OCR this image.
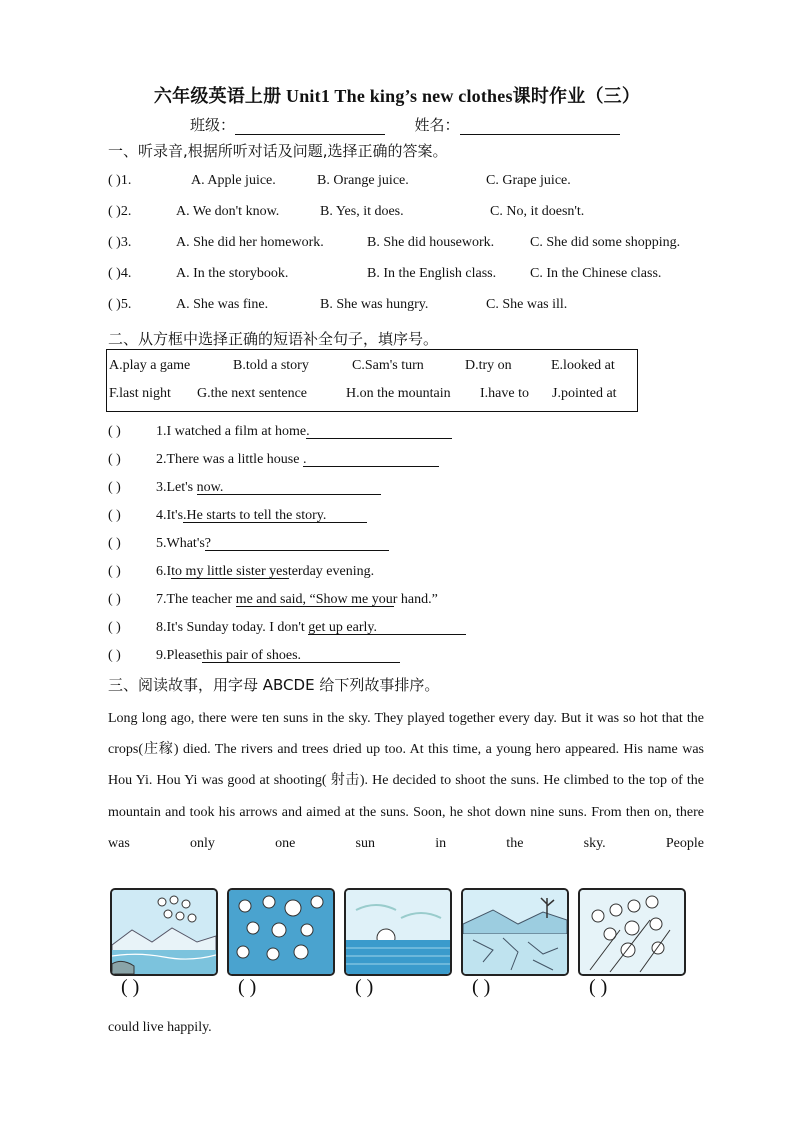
六年级英语上册 Unit1 The king’s new clothes课时作业（三）
班级：	姓名：
一、听录音,根据所听对话及问题,选择正确的答案。
( )1.	A. Apple juice.	B. Orange juice.	C. Grape juice.
( )2.	A. We don't know.	B. Yes, it does.	C. No, it doesn't.
( )3.	A. She did her homework.	B. She did housework.	C. She did some shopping.
( )4.	A. In the storybook.	B. In the English class. C. In the Chinese class.
( )5.	A. She was fine.	B. She was hungry.	C. She was ill.
二、从方框中选择正确的短语补全句子，填序号。
A.play a game	B.told a story	C.Sam's turn	D.try on	E.looked at
F.last night G.the next sentence	H.on the mountain I.have to J.pointed at
( )	1.I watched a film at home
.
( )	2.There was a little house .
( )	3.Let's now.
( )	4.It's
.He starts to tell the story.
( )	5.What's
?
( )	6.I
to my little sister yesterday evening.
( )	7.The teacher me and said, “Show me your hand.”
( )	8.It's Sunday today. I don't get up early.
( )	9.Please
this pair of shoes.
三、阅读故事，用字母 ABCDE 给下列故事排序。
Long long ago, there were ten suns in the sky. They played together every day. But it was so hot that the crops(庄稼) died. The rivers and trees dried up too. At this time, a young hero appeared. His name was Hou Yi. Hou Yi was good at shooting( 射击). He decided to shoot the suns. He climbed to the top of the mountain and took his arrows and aimed at the suns. Soon, he shot down nine suns. From then on, there was only one sun in the sky. People
( )	( )	( )	( )	( )
could live happily.
